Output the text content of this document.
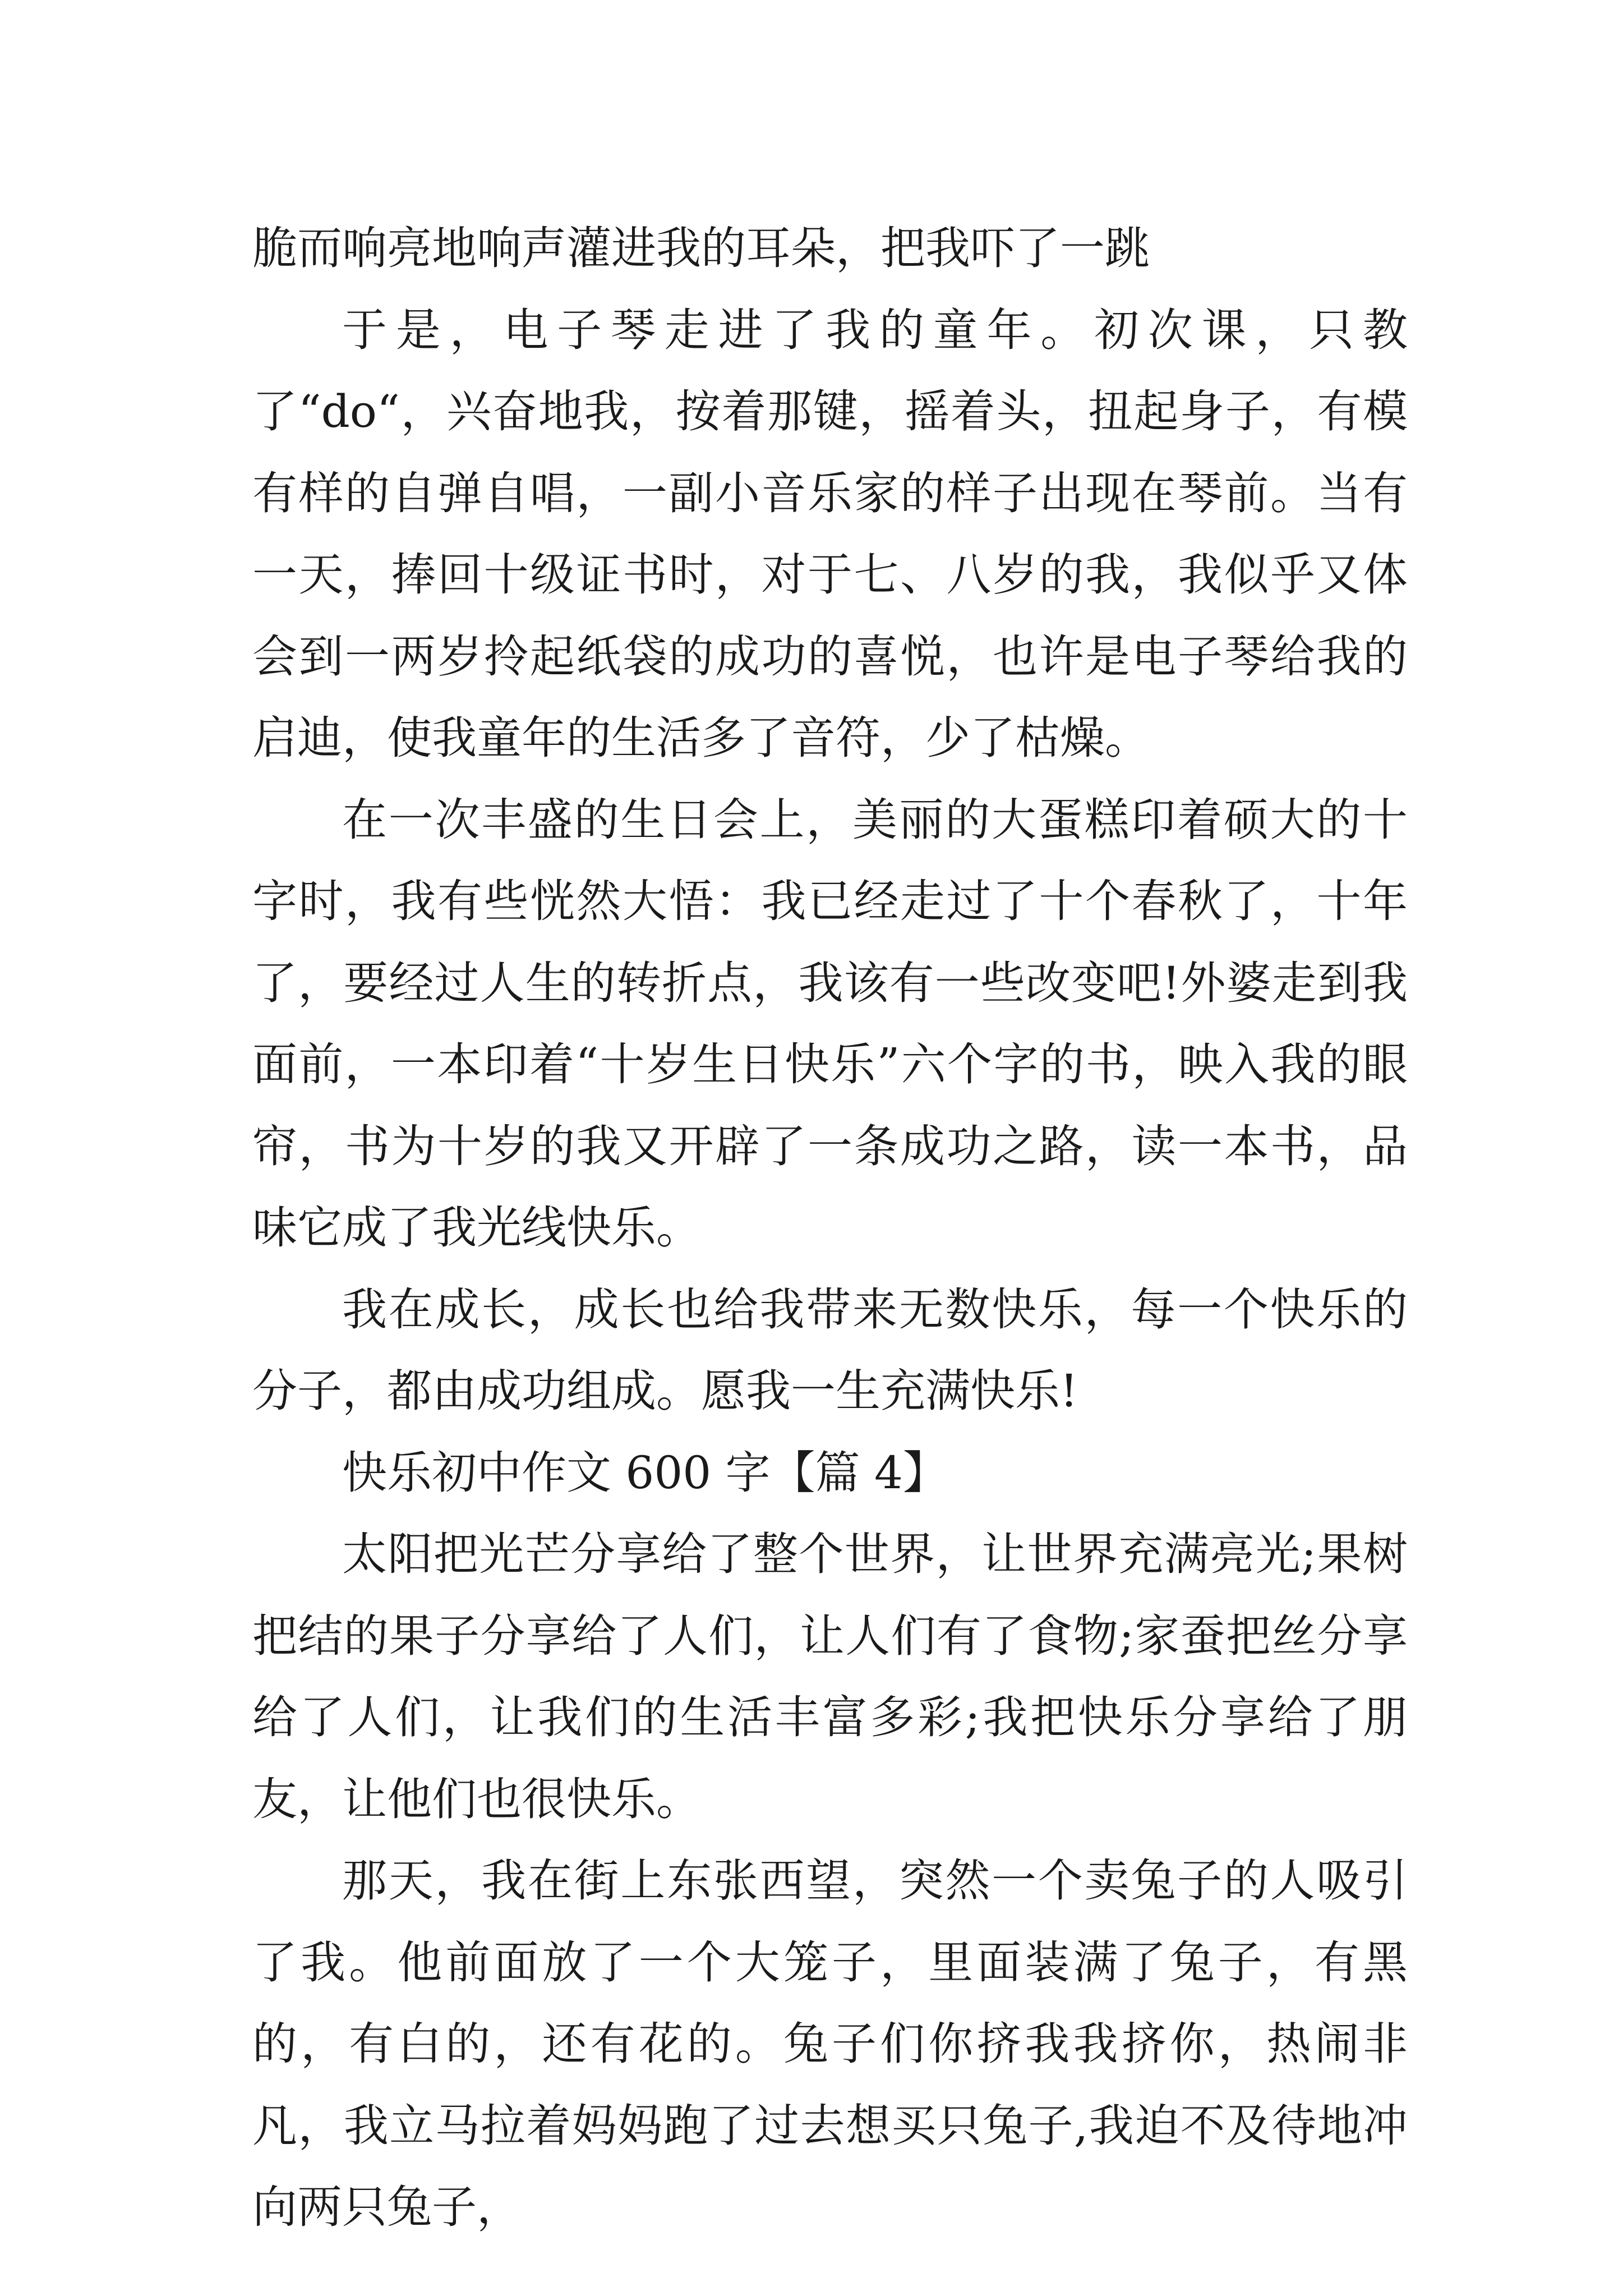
脆而响亮地响声灌进我的耳朵，把我吓了一跳

于是，电子琴走进了我的童年。初次课，只教了“do“，兴奋地我，按着那键，摇着头，扭起身子，有模有样的自弹自唱，一副小音乐家的样子出现在琴前。当有一天，捧回十级证书时，对于七、八岁的我，我似乎又体会到一两岁拎起纸袋的成功的喜悦，也许是电子琴给我的启迪，使我童年的生活多了音符，少了枯燥。

在一次丰盛的生日会上，美丽的大蛋糕印着硕大的十字时，我有些恍然大悟：我已经走过了十个春秋了，十年了，要经过人生的转折点，我该有一些改变吧!外婆走到我面前，一本印着“十岁生日快乐”六个字的书，映入我的眼帘，书为十岁的我又开辟了一条成功之路，读一本书，品味它成了我光线快乐。

我在成长，成长也给我带来无数快乐，每一个快乐的分子，都由成功组成。愿我一生充满快乐!

快乐初中作文 600 字【篇 4】

太阳把光芒分享给了整个世界，让世界充满亮光;果树把结的果子分享给了人们，让人们有了食物;家蚕把丝分享给了人们，让我们的生活丰富多彩;我把快乐分享给了朋友，让他们也很快乐。

那天，我在街上东张西望，突然一个卖兔子的人吸引了我。他前面放了一个大笼子，里面装满了兔子，有黑的，有白的，还有花的。兔子们你挤我我挤你，热闹非凡，我立马拉着妈妈跑了过去想买只兔子,我迫不及待地冲向两只兔子，
